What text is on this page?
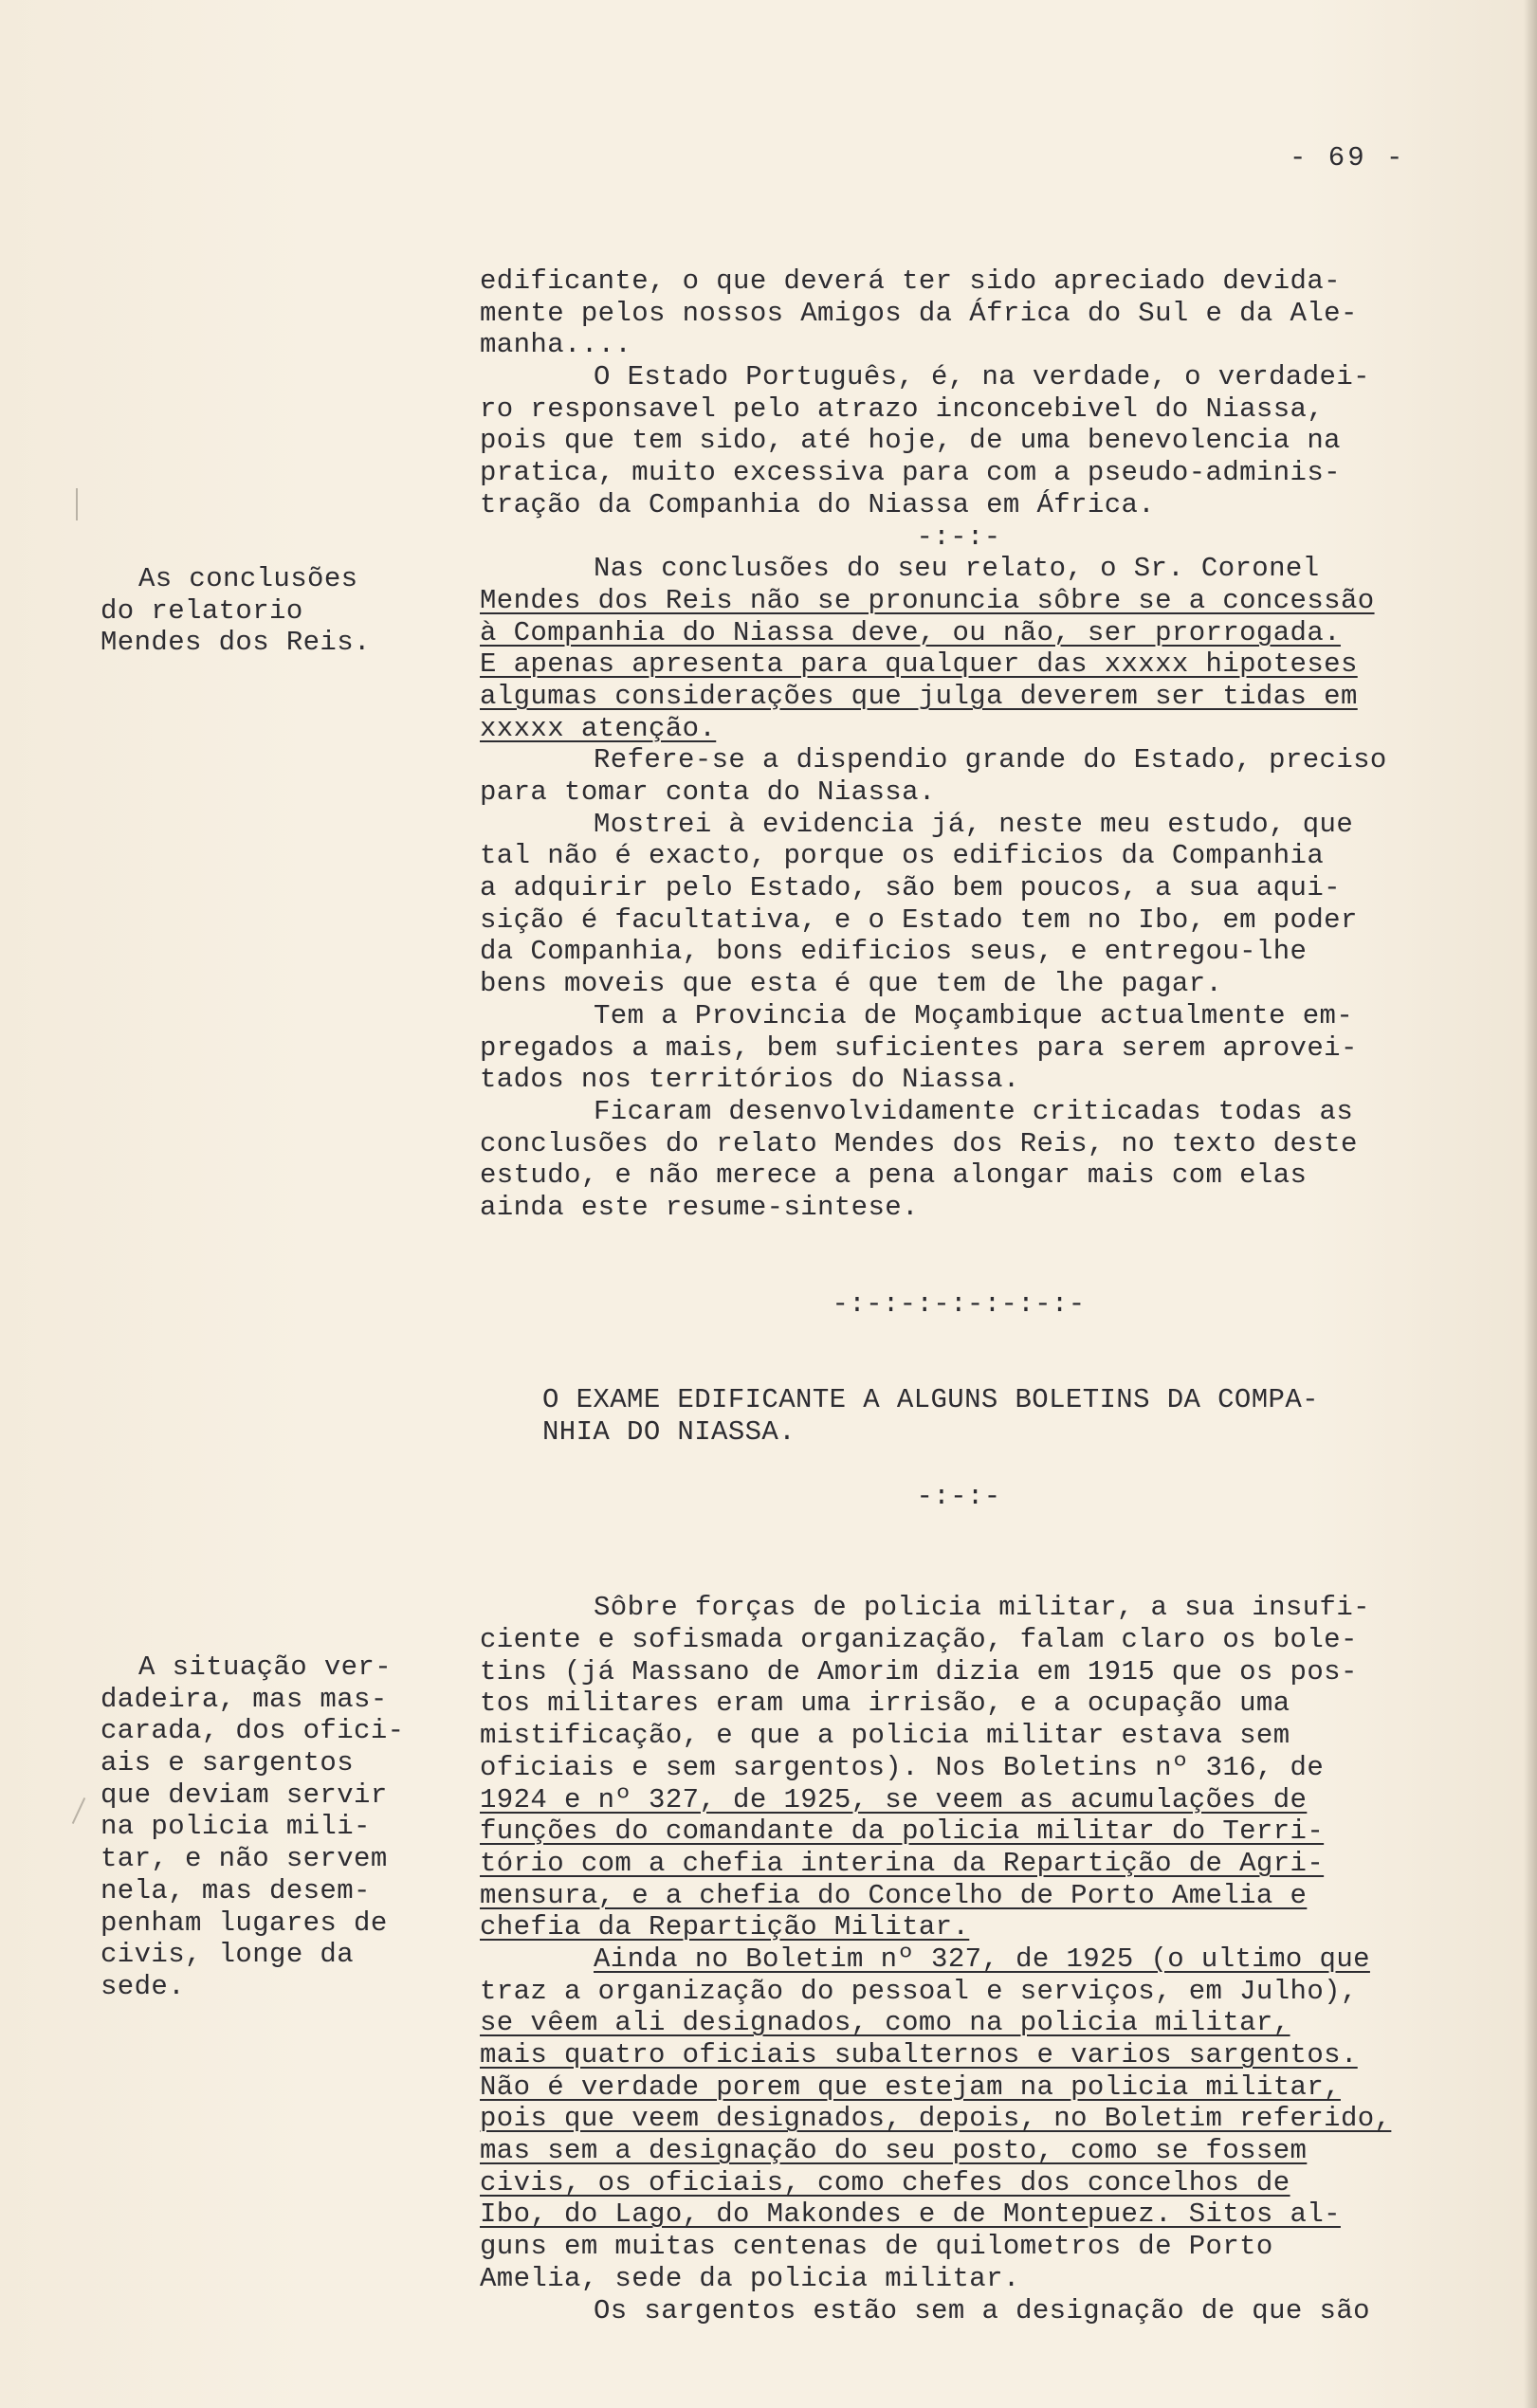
- 69 -
As conclusões
do relatorio
Mendes dos Reis.
A situação ver-
dadeira, mas mas-
carada, dos ofici-
ais e sargentos
que deviam servir
na policia mili-
tar, e não servem
nela, mas desem-
penham lugares de
civis, longe da
sede.
edificante, o que deverá ter sido apreciado devida-
mente pelos nossos Amigos da África do Sul e da Ale-
manha....
O Estado Português, é, na verdade, o verdadei-
ro responsavel pelo atrazo inconcebivel do Niassa,
pois que tem sido, até hoje, de uma benevolencia na
pratica, muito excessiva para com a pseudo-adminis-
tração da Companhia do Niassa em África.
-:-:-
Nas conclusões do seu relato, o Sr. Coronel
Mendes dos Reis não se pronuncia sôbre se a concessão
à Companhia do Niassa deve, ou não, ser prorrogada.
E apenas apresenta para qualquer das xxxxx hipoteses
algumas considerações que julga deverem ser tidas em
xxxxx atenção.
Refere-se a dispendio grande do Estado, preciso
para tomar conta do Niassa.
Mostrei à evidencia já, neste meu estudo, que
tal não é exacto, porque os edificios da Companhia
a adquirir pelo Estado, são bem poucos, a sua aqui-
sição é facultativa, e o Estado tem no Ibo, em poder
da Companhia, bons edificios seus, e entregou-lhe
bens moveis que esta é que tem de lhe pagar.
Tem a Provincia de Moçambique actualmente em-
pregados a mais, bem suficientes para serem aprovei-
tados nos territórios do Niassa.
Ficaram desenvolvidamente criticadas todas as
conclusões do relato Mendes dos Reis, no texto deste
estudo, e não merece a pena alongar mais com elas
ainda este resume-sintese.
-:-:-:-:-:-:-:-
O EXAME EDIFICANTE A ALGUNS BOLETINS DA COMPA-
NHIA DO NIASSA.
-:-:-
Sôbre forças de policia militar, a sua insufi-
ciente e sofismada organização, falam claro os bole-
tins (já Massano de Amorim dizia em 1915 que os pos-
tos militares eram uma irrisão, e a ocupação uma
mistificação, e que a policia militar estava sem
oficiais e sem sargentos). Nos Boletins nº 316, de
1924 e nº 327, de 1925, se veem as acumulações de
funções do comandante da policia militar do Terri-
tório com a chefia interina da Repartição de Agri-
mensura, e a chefia do Concelho de Porto Amelia e
chefia da Repartição Militar.
Ainda no Boletim nº 327, de 1925 (o ultimo que
traz a organização do pessoal e serviços, em Julho),
se vêem ali designados, como na policia militar,
mais quatro oficiais subalternos e varios sargentos.
Não é verdade porem que estejam na policia militar,
pois que veem designados, depois, no Boletim referido,
mas sem a designação do seu posto, como se fossem
civis, os oficiais, como chefes dos concelhos de
Ibo, do Lago, do Makondes e de Montepuez. Sitos al-
guns em muitas centenas de quilometros de Porto
Amelia, sede da policia militar.
Os sargentos estão sem a designação de que são
